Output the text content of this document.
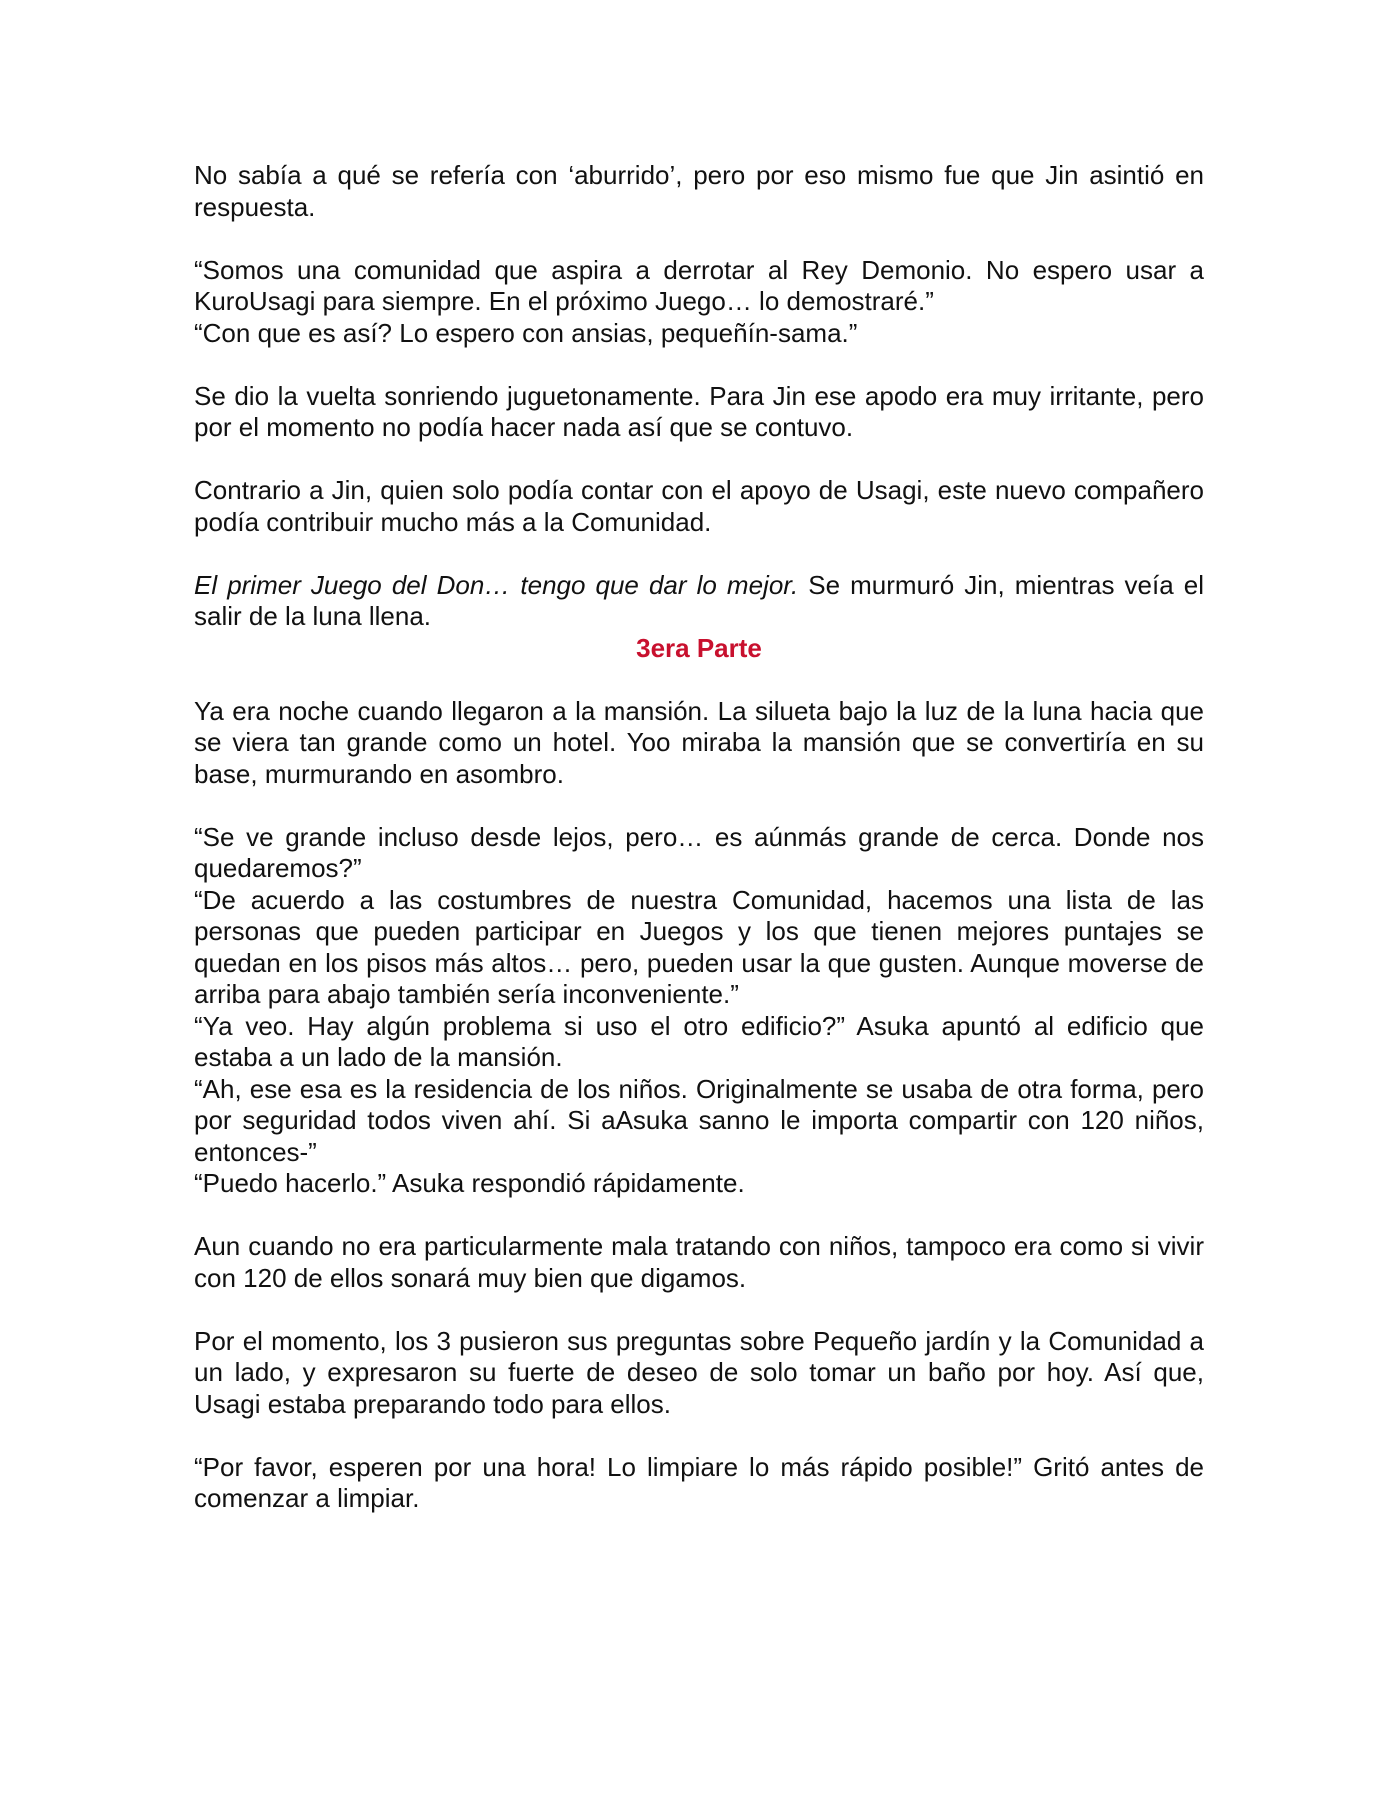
No sabía a qué se refería con ‘aburrido’, pero por eso mismo fue que Jin asintió en respuesta.

“Somos una comunidad que aspira a derrotar al Rey Demonio. No espero usar a KuroUsagi para siempre. En el próximo Juego… lo demostraré.”

“Con que es así? Lo espero con ansias, pequeñín-sama.”

Se dio la vuelta sonriendo juguetonamente. Para Jin ese apodo era muy irritante, pero por el momento no podía hacer nada así que se contuvo.

Contrario a Jin, quien solo podía contar con el apoyo de Usagi, este nuevo compañero podía contribuir mucho más a la Comunidad.

El primer Juego del Don… tengo que dar lo mejor. Se murmuró Jin, mientras veía el salir de la luna llena.

3era Parte

Ya era noche cuando llegaron a la mansión. La silueta bajo la luz de la luna hacia que se viera tan grande como un hotel. Yoo miraba la mansión que se convertiría en su base, murmurando en asombro.

“Se ve grande incluso desde lejos, pero… es aúnmás grande de cerca. Donde nos quedaremos?”

“De acuerdo a las costumbres de nuestra Comunidad, hacemos una lista de las personas que pueden participar en Juegos y los que tienen mejores puntajes se quedan en los pisos más altos… pero, pueden usar la que gusten. Aunque moverse de arriba para abajo también sería inconveniente.”

“Ya veo. Hay algún problema si uso el otro edificio?” Asuka apuntó al edificio que estaba a un lado de la mansión.

“Ah, ese esa es la residencia de los niños. Originalmente se usaba de otra forma, pero por seguridad todos viven ahí. Si aAsuka sanno le importa compartir con 120 niños, entonces-”

“Puedo hacerlo.” Asuka respondió rápidamente.

Aun cuando no era particularmente mala tratando con niños, tampoco era como si vivir con 120 de ellos sonará muy bien que digamos.

Por el momento, los 3 pusieron sus preguntas sobre Pequeño jardín y la Comunidad a un lado, y expresaron su fuerte de deseo de solo tomar un baño por hoy. Así que, Usagi estaba preparando todo para ellos.

“Por favor, esperen por una hora! Lo limpiare lo más rápido posible!” Gritó antes de comenzar a limpiar.
